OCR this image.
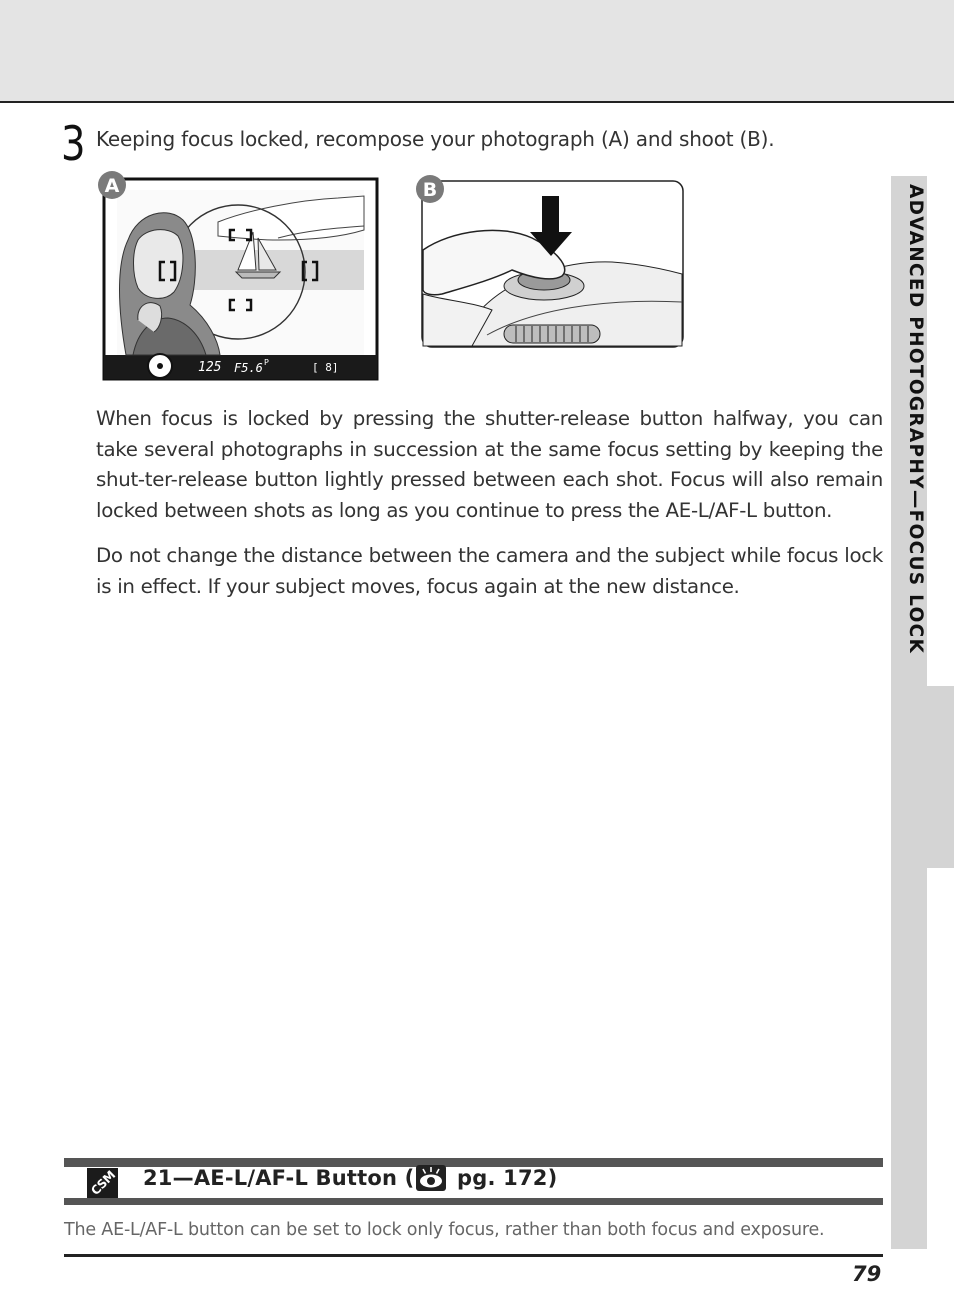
ADVANCED PHOTOGRAPHY—FOCUS LOCK
3 Keeping focus locked, recompose your photograph (A) and shoot (B).
125 F5.6 P	[ 8]
A	B
When focus is locked by pressing the shutter-release button halfway, you can take several photographs in succession at the same focus setting by keeping the shut-ter-release button lightly pressed between each shot. Focus will also remain locked between shots as long as you continue to press the AE-L/AF-L button.
Do not change the distance between the camera and the subject while focus lock is in effect. If your subject moves, focus again at the new distance.
CSM 21—AE-L/AF-L Button ( pg. 172)
The AE-L/AF-L button can be set to lock only focus, rather than both focus and exposure.
79
